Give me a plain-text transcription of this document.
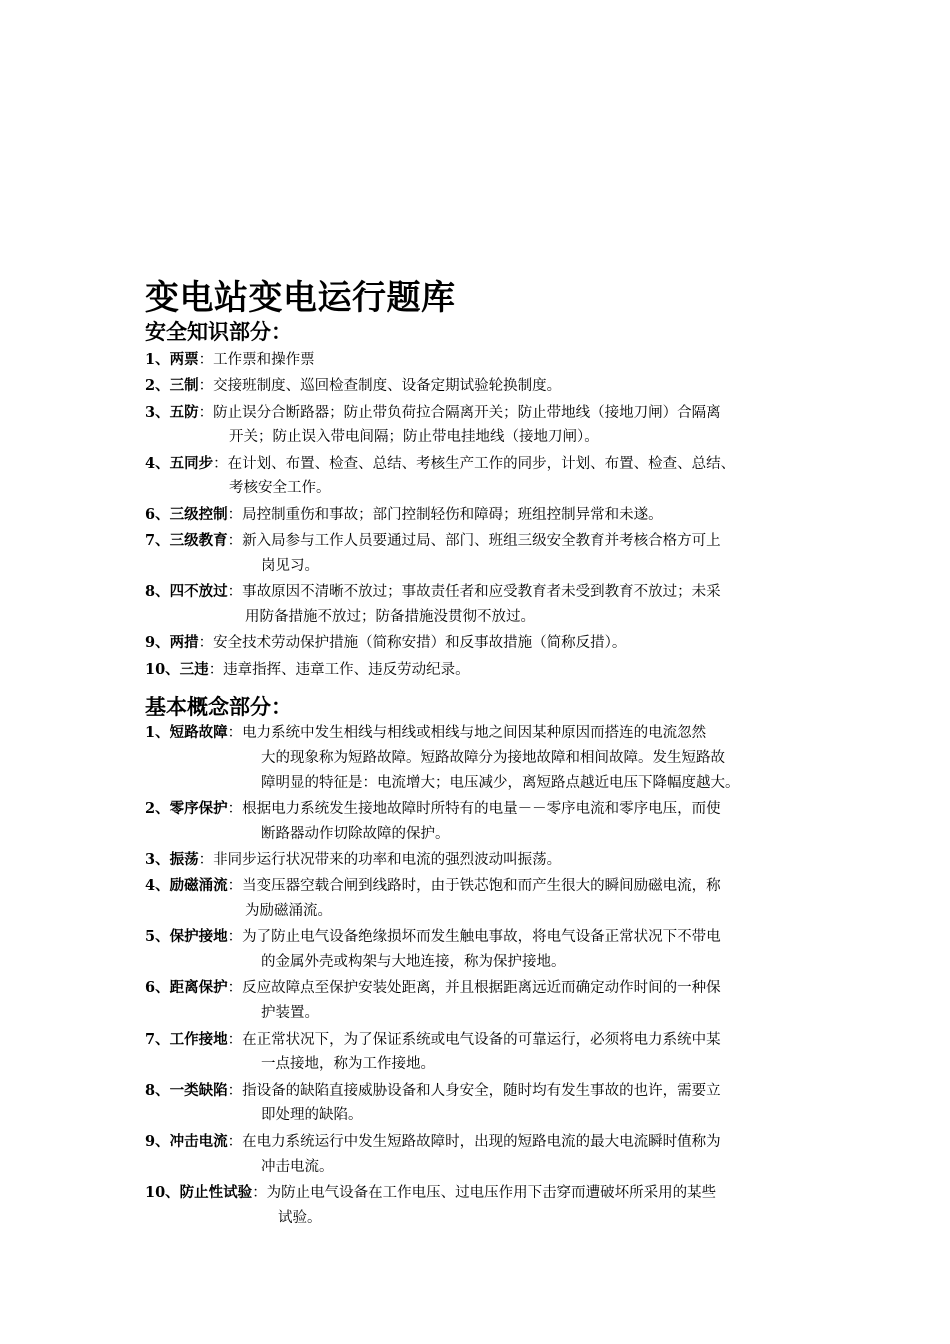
变电站变电运行题库
安全知识部分：
1、两票：工作票和操作票
2、三制：交接班制度、巡回检查制度、设备定期试验轮换制度。
3、五防：防止误分合断路器；防止带负荷拉合隔离开关；防止带地线（接地刀闸）合隔离
开关；防止误入带电间隔；防止带电挂地线（接地刀闸）。
4、五同步：在计划、布置、检查、总结、考核生产工作的同步，计划、布置、检查、总结、
考核安全工作。
6、三级控制：局控制重伤和事故；部门控制轻伤和障碍；班组控制异常和未遂。
7、三级教育：新入局参与工作人员要通过局、部门、班组三级安全教育并考核合格方可上
岗见习。
8、四不放过：事故原因不清晰不放过；事故责任者和应受教育者未受到教育不放过；未采
用防备措施不放过；防备措施没贯彻不放过。
9、两措：安全技术劳动保护措施（简称安措）和反事故措施（简称反措）。
10、三违：违章指挥、违章工作、违反劳动纪录。
基本概念部分：
1、短路故障：电力系统中发生相线与相线或相线与地之间因某种原因而搭连的电流忽然
大的现象称为短路故障。短路故障分为接地故障和相间故障。发生短路故
障明显的特征是：电流增大；电压减少，离短路点越近电压下降幅度越大。
2、零序保护：根据电力系统发生接地故障时所特有的电量－－零序电流和零序电压，而使
断路器动作切除故障的保护。
3、振荡：非同步运行状况带来的功率和电流的强烈波动叫振荡。
4、励磁涌流：当变压器空载合闸到线路时，由于铁芯饱和而产生很大的瞬间励磁电流，称
为励磁涌流。
5、保护接地：为了防止电气设备绝缘损坏而发生触电事故，将电气设备正常状况下不带电
的金属外壳或构架与大地连接，称为保护接地。
6、距离保护：反应故障点至保护安装处距离，并且根据距离远近而确定动作时间的一种保
护装置。
7、工作接地：在正常状况下，为了保证系统或电气设备的可靠运行，必须将电力系统中某
一点接地，称为工作接地。
8、一类缺陷：指设备的缺陷直接威胁设备和人身安全，随时均有发生事故的也许，需要立
即处理的缺陷。
9、冲击电流：在电力系统运行中发生短路故障时，出现的短路电流的最大电流瞬时值称为
冲击电流。
10、防止性试验：为防止电气设备在工作电压、过电压作用下击穿而遭破坏所采用的某些
试验。
